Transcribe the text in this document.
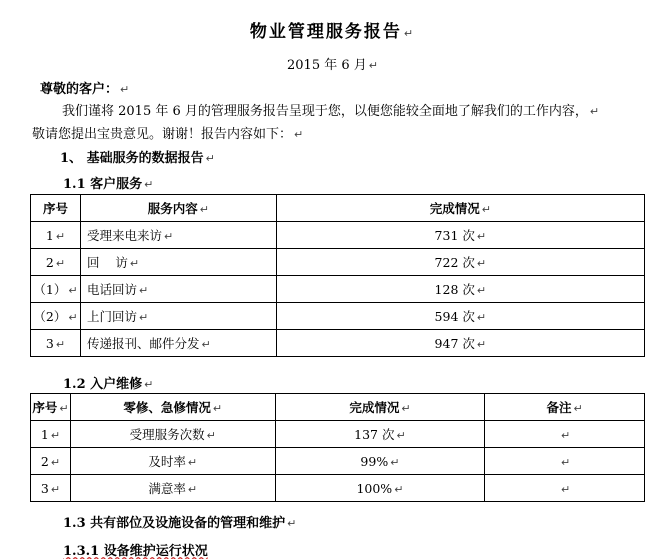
物业管理服务报告 ↵
2015 年 6 月 ↵
尊敬的客户： ↵
我们谨将 2015 年 6 月的管理服务报告呈现于您，以便您能较全面地了解我们的工作内容， ↵
敬请您提出宝贵意见。谢谢！报告内容如下： ↵
1、 基础服务的数据报告 ↵
1.1 客户服务 ↵
序号	服务内容 ↵	完成情况 ↵
1 ↵	受理来电来访 ↵	731 次 ↵
2 ↵	回    访 ↵	722 次 ↵
（1） ↵	电话回访 ↵	128 次 ↵
（2） ↵	上门回访 ↵	594 次 ↵
3 ↵	传递报刊、邮件分发 ↵	947 次 ↵
1.2 入户维修 ↵
序号 ↵	零修、急修情况 ↵	完成情况 ↵	备注 ↵
1 ↵	受理服务次数 ↵	137 次 ↵	↵
2 ↵	及时率 ↵	99% ↵	↵
3 ↵	满意率 ↵	100% ↵	↵
1.3 共有部位及设施设备的管理和维护 ↵
1.3.1 设备维护运行状况
